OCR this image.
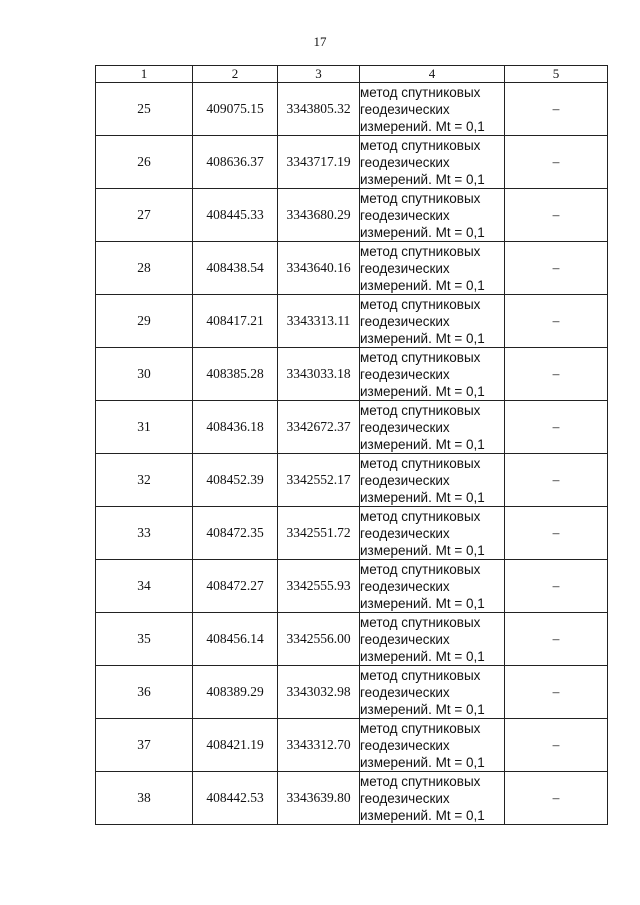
17
1	2	3	4	5
25	409075.15	3343805.32	метод спутниковых
геодезических
измерений. Mt = 0,1	–
26	408636.37	3343717.19	метод спутниковых
геодезических
измерений. Mt = 0,1	–
27	408445.33	3343680.29	метод спутниковых
геодезических
измерений. Mt = 0,1	–
28	408438.54	3343640.16	метод спутниковых
геодезических
измерений. Mt = 0,1	–
29	408417.21	3343313.11	метод спутниковых
геодезических
измерений. Mt = 0,1	–
30	408385.28	3343033.18	метод спутниковых
геодезических
измерений. Mt = 0,1	–
31	408436.18	3342672.37	метод спутниковых
геодезических
измерений. Mt = 0,1	–
32	408452.39	3342552.17	метод спутниковых
геодезических
измерений. Mt = 0,1	–
33	408472.35	3342551.72	метод спутниковых
геодезических
измерений. Mt = 0,1	–
34	408472.27	3342555.93	метод спутниковых
геодезических
измерений. Mt = 0,1	–
35	408456.14	3342556.00	метод спутниковых
геодезических
измерений. Mt = 0,1	–
36	408389.29	3343032.98	метод спутниковых
геодезических
измерений. Mt = 0,1	–
37	408421.19	3343312.70	метод спутниковых
геодезических
измерений. Mt = 0,1	–
38	408442.53	3343639.80	метод спутниковых
геодезических
измерений. Mt = 0,1	–
